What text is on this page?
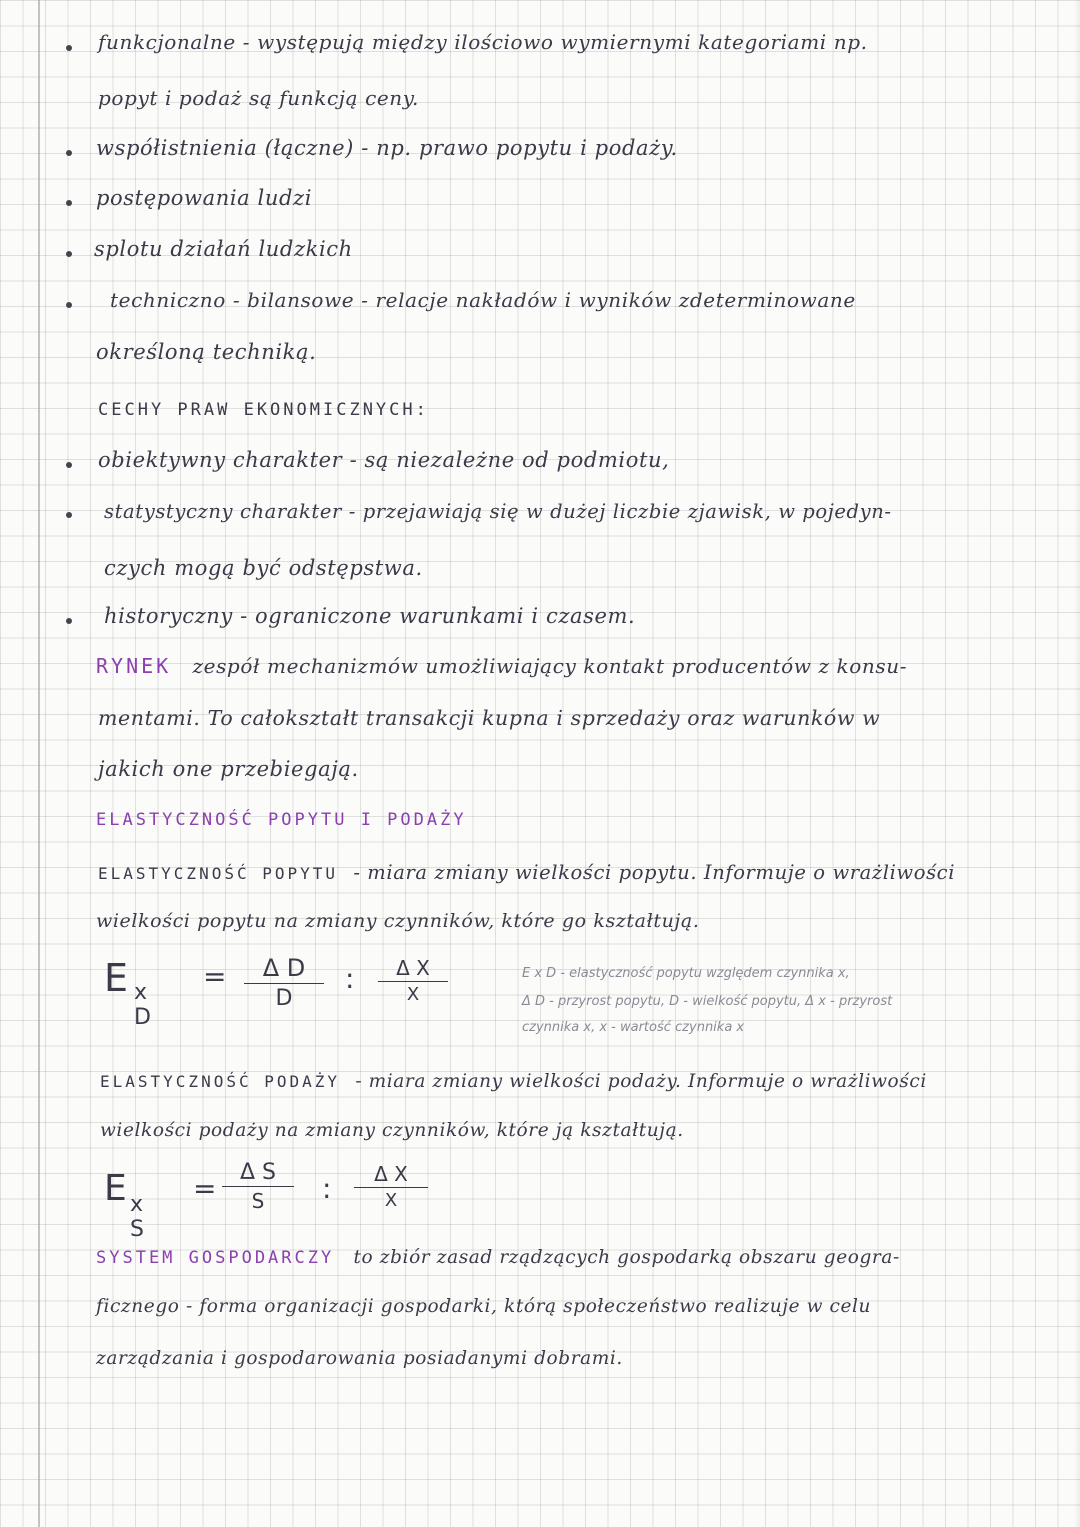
funkcjonalne - występują między ilościowo wymiernymi kategoriami np.
popyt i podaż są funkcją ceny.
współistnienia (łączne) - np. prawo popytu i podaży.
postępowania ludzi
splotu działań ludzkich
techniczno - bilansowe - relacje nakładów i wyników zdeterminowane
określoną techniką.
CECHY PRAW EKONOMICZNYCH:
obiektywny charakter - są niezależne od podmiotu,
statystyczny charakter - przejawiają się w dużej liczbie zjawisk, w pojedyn-
czych mogą być odstępstwa.
historyczny - ograniczone warunkami i czasem.
RYNEK zespół mechanizmów umożliwiający kontakt producentów z konsu-
mentami. To całokształt transakcji kupna i sprzedaży oraz warunków w
jakich one przebiegają.
ELASTYCZNOŚĆ POPYTU I PODAŻY
ELASTYCZNOŚĆ POPYTU - miara zmiany wielkości popytu. Informuje o wrażliwości
wielkości popytu na zmiany czynników, które go kształtują.
E x D
=	Δ D
D
:	Δ X
X
E x D - elastyczność popytu względem czynnika x,
Δ D - przyrost popytu, D - wielkość popytu, Δ x - przyrost
czynnika x, x - wartość czynnika x
ELASTYCZNOŚĆ PODAŻY - miara zmiany wielkości podaży. Informuje o wrażliwości
wielkości podaży na zmiany czynników, które ją kształtują.
E x S
=	Δ S
S	:	Δ X
X
SYSTEM GOSPODARCZY to zbiór zasad rządzących gospodarką obszaru geogra-
ficznego - forma organizacji gospodarki, którą społeczeństwo realizuje w celu
zarządzania i gospodarowania posiadanymi dobrami.
